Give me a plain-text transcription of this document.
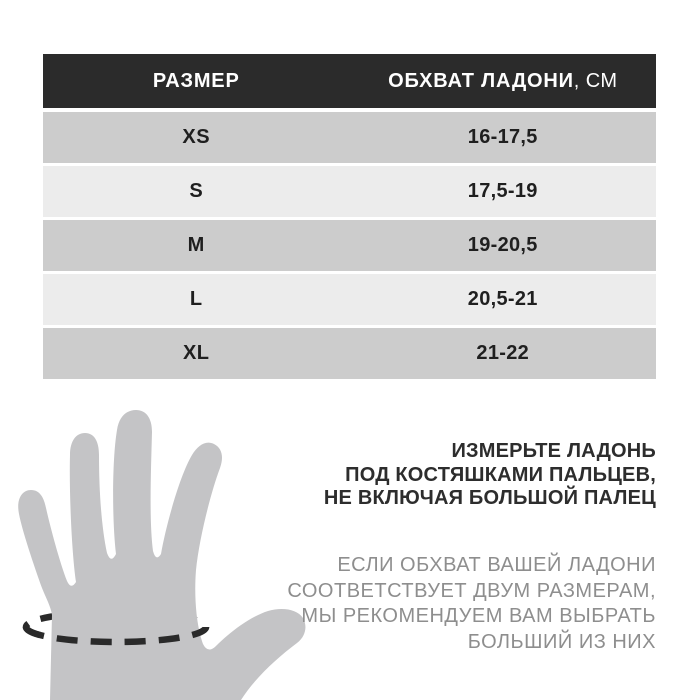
РАЗМЕР	ОБХВАТ ЛАДОНИ , СМ
XS	16-17,5
S	17,5-19
M	19-20,5
L	20,5-21
XL	21-22
ИЗМЕРЬТЕ ЛАДОНЬ
ПОД КОСТЯШКАМИ ПАЛЬЦЕВ,
НЕ ВКЛЮЧАЯ БОЛЬШОЙ ПАЛЕЦ
ЕСЛИ ОБХВАТ ВАШЕЙ ЛАДОНИ
СООТВЕТСТВУЕТ ДВУМ РАЗМЕРАМ,
МЫ РЕКОМЕНДУЕМ ВАМ ВЫБРАТЬ
БОЛЬШИЙ ИЗ НИХ
